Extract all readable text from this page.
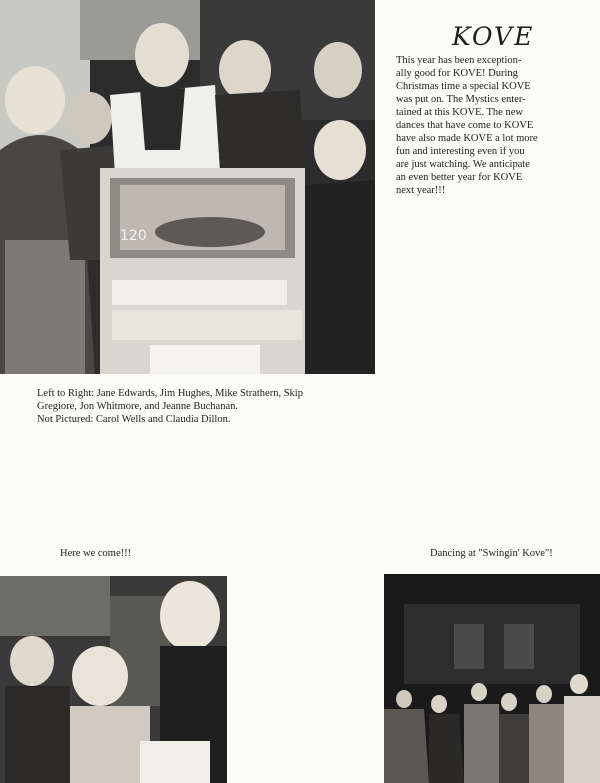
120
KOVE
This year has been exception-
ally good for KOVE! During
Christmas time a special KOVE
was put on. The Mystics enter-
tained at this KOVE. The new
dances that have come to KOVE
have also made KOVE a lot more
fun and interesting even if you
are just watching. We anticipate
an even better year for KOVE
next year!!!
Left to Right: Jane Edwards, Jim Hughes, Mike Strathern, Skip
Gregiore, Jon Whitmore, and Jeanne Buchanan.
Not Pictured: Carol Wells and Claudia Dillon.
Here we come!!!	Dancing at "Swingin' Kove"!
